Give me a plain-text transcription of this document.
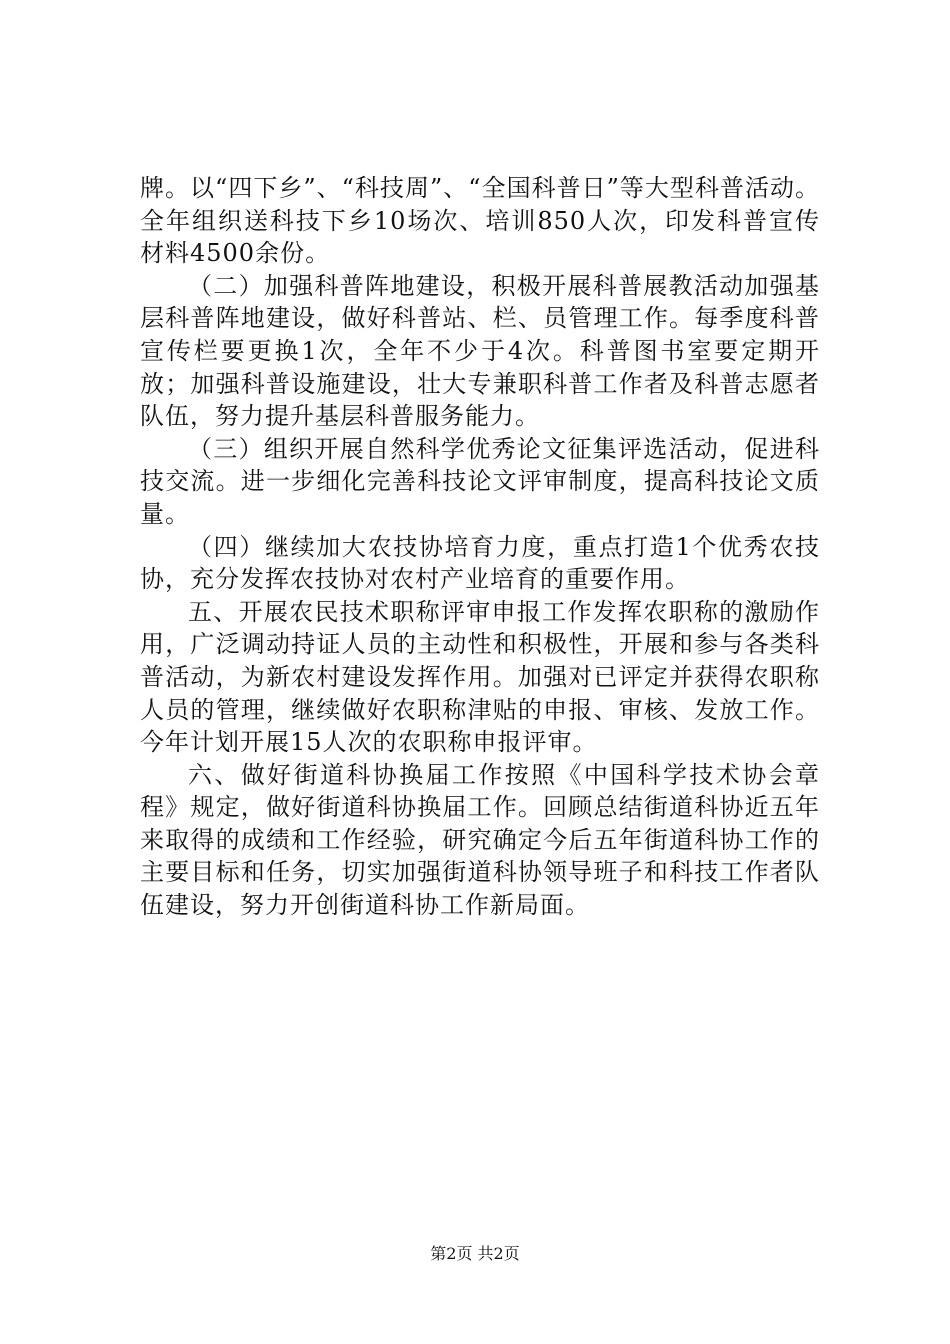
牌。以“四下乡”、“科技周”、“全国科普日”等大型科普活动。全年组织送科技下乡10场次、培训850人次，印发科普宣传材料4500余份。

（二）加强科普阵地建设，积极开展科普展教活动加强基层科普阵地建设，做好科普站、栏、员管理工作。每季度科普宣传栏要更换1次，全年不少于4次。科普图书室要定期开放；加强科普设施建设，壮大专兼职科普工作者及科普志愿者队伍，努力提升基层科普服务能力。

（三）组织开展自然科学优秀论文征集评选活动，促进科技交流。进一步细化完善科技论文评审制度，提高科技论文质量。

（四）继续加大农技协培育力度，重点打造1个优秀农技协，充分发挥农技协对农村产业培育的重要作用。

五、开展农民技术职称评审申报工作发挥农职称的激励作用，广泛调动持证人员的主动性和积极性，开展和参与各类科普活动，为新农村建设发挥作用。加强对已评定并获得农职称人员的管理，继续做好农职称津贴的申报、审核、发放工作。今年计划开展15人次的农职称申报评审。

六、做好街道科协换届工作按照《中国科学技术协会章程》规定，做好街道科协换届工作。回顾总结街道科协近五年来取得的成绩和工作经验，研究确定今后五年街道科协工作的主要目标和任务，切实加强街道科协领导班子和科技工作者队伍建设，努力开创街道科协工作新局面。

第2页 共2页
